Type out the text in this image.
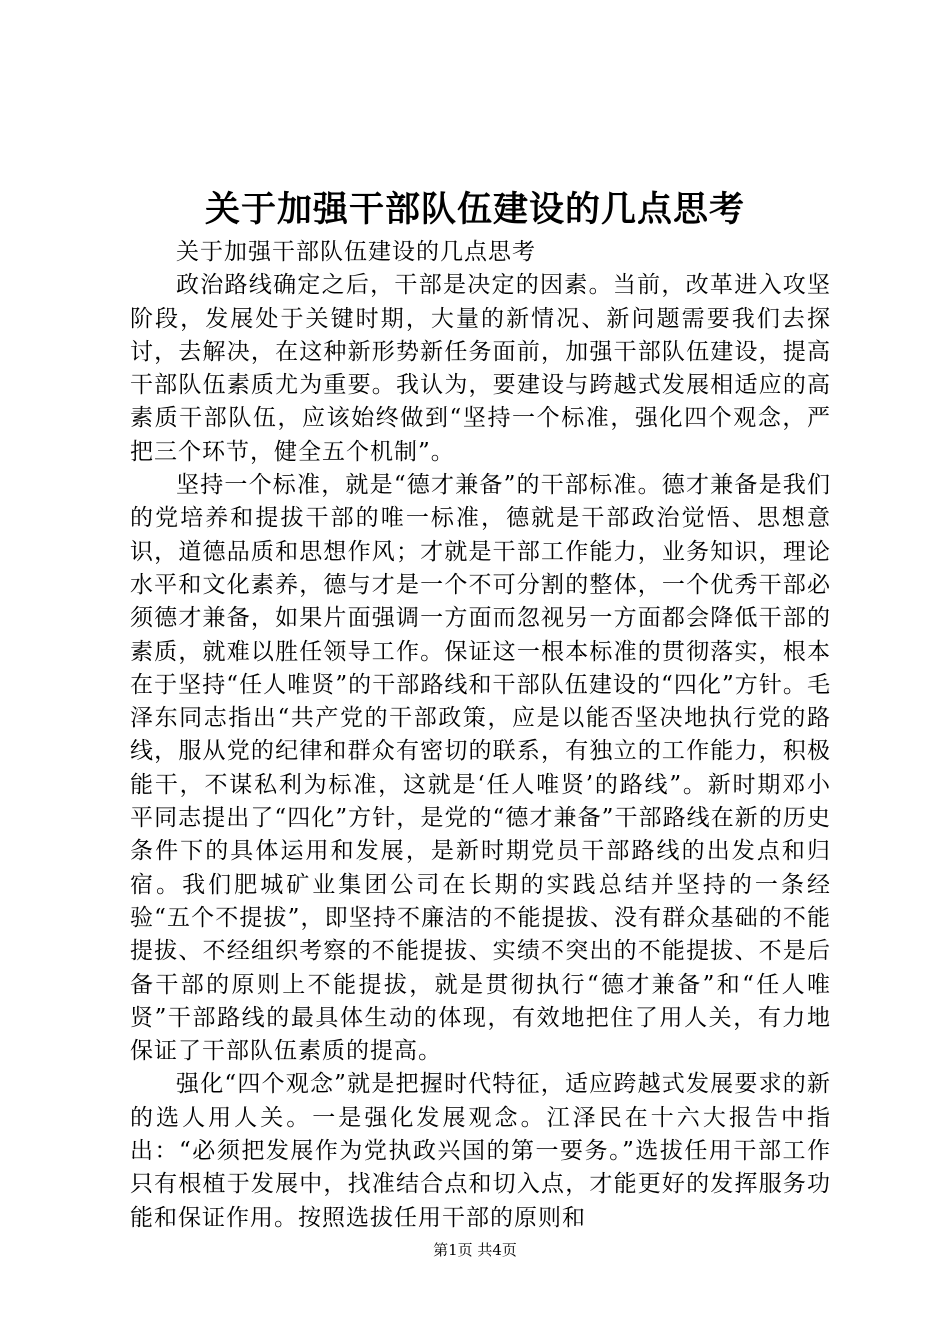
关于加强干部队伍建设的几点思考

关于加强干部队伍建设的几点思考

政治路线确定之后，干部是决定的因素。当前，改革进入攻坚阶段，发展处于关键时期，大量的新情况、新问题需要我们去探讨，去解决，在这种新形势新任务面前，加强干部队伍建设，提高干部队伍素质尤为重要。我认为，要建设与跨越式发展相适应的高素质干部队伍，应该始终做到“坚持一个标准，强化四个观念，严把三个环节，健全五个机制”。

坚持一个标准，就是“德才兼备”的干部标准。德才兼备是我们的党培养和提拔干部的唯一标准，德就是干部政治觉悟、思想意识，道德品质和思想作风；才就是干部工作能力，业务知识，理论水平和文化素养，德与才是一个不可分割的整体，一个优秀干部必须德才兼备，如果片面强调一方面而忽视另一方面都会降低干部的素质，就难以胜任领导工作。保证这一根本标准的贯彻落实，根本在于坚持“任人唯贤”的干部路线和干部队伍建设的“四化”方针。毛泽东同志指出“共产党的干部政策，应是以能否坚决地执行党的路线，服从党的纪律和群众有密切的联系，有独立的工作能力，积极能干，不谋私利为标准，这就是‘任人唯贤’的路线”。新时期邓小平同志提出了“四化”方针，是党的“德才兼备”干部路线在新的历史条件下的具体运用和发展，是新时期党员干部路线的出发点和归宿。我们肥城矿业集团公司在长期的实践总结并坚持的一条经验“五个不提拔”，即坚持不廉洁的不能提拔、没有群众基础的不能提拔、不经组织考察的不能提拔、实绩不突出的不能提拔、不是后备干部的原则上不能提拔，就是贯彻执行“德才兼备”和“任人唯贤”干部路线的最具体生动的体现，有效地把住了用人关，有力地保证了干部队伍素质的提高。

强化“四个观念”就是把握时代特征，适应跨越式发展要求的新的选人用人关。一是强化发展观念。江泽民在十六大报告中指出：“必须把发展作为党执政兴国的第一要务。”选拔任用干部工作只有根植于发展中，找准结合点和切入点，才能更好的发挥服务功能和保证作用。按照选拔任用干部的原则和

第1页 共4页
